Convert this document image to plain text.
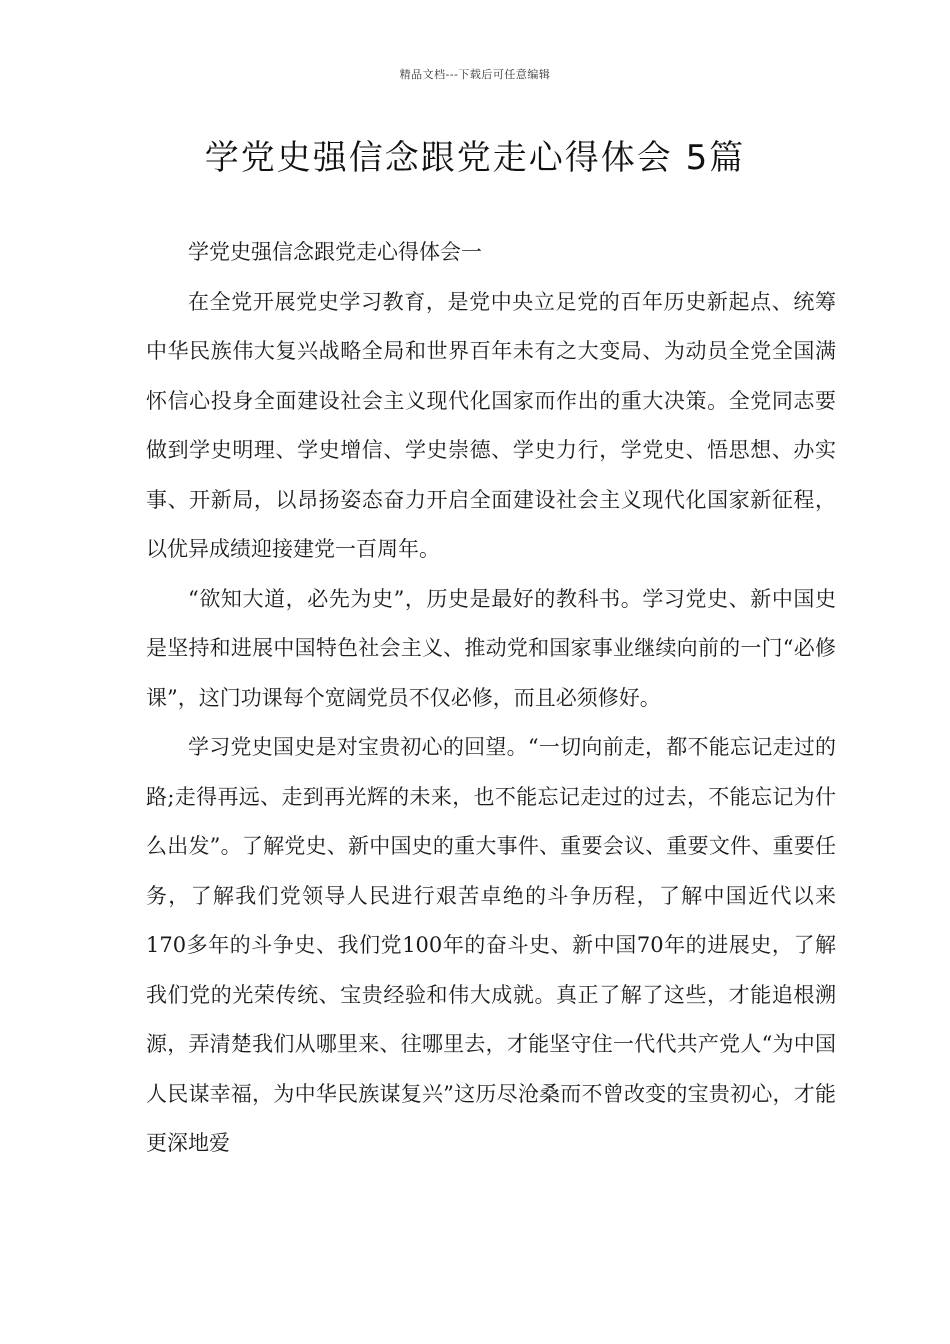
精品文档---下载后可任意编辑
学党史强信念跟党走心得体会 5篇

学党史强信念跟党走心得体会一

在全党开展党史学习教育，是党中央立足党的百年历史新起点、统筹中华民族伟大复兴战略全局和世界百年未有之大变局、为动员全党全国满怀信心投身全面建设社会主义现代化国家而作出的重大决策。全党同志要做到学史明理、学史增信、学史崇德、学史力行，学党史、悟思想、办实事、开新局，以昂扬姿态奋力开启全面建设社会主义现代化国家新征程，以优异成绩迎接建党一百周年。

“欲知大道，必先为史”，历史是最好的教科书。学习党史、新中国史是坚持和进展中国特色社会主义、推动党和国家事业继续向前的一门“必修课”，这门功课每个宽阔党员不仅必修，而且必须修好。

学习党史国史是对宝贵初心的回望。“一切向前走，都不能忘记走过的路;走得再远、走到再光辉的未来，也不能忘记走过的过去，不能忘记为什么出发”。了解党史、新中国史的重大事件、重要会议、重要文件、重要任务，了解我们党领导人民进行艰苦卓绝的斗争历程，了解中国近代以来170多年的斗争史、我们党100年的奋斗史、新中国70年的进展史，了解我们党的光荣传统、宝贵经验和伟大成就。真正了解了这些，才能追根溯源，弄清楚我们从哪里来、往哪里去，才能坚守住一代代共产党人“为中国人民谋幸福，为中华民族谋复兴”这历尽沧桑而不曾改变的宝贵初心，才能更深地爱
